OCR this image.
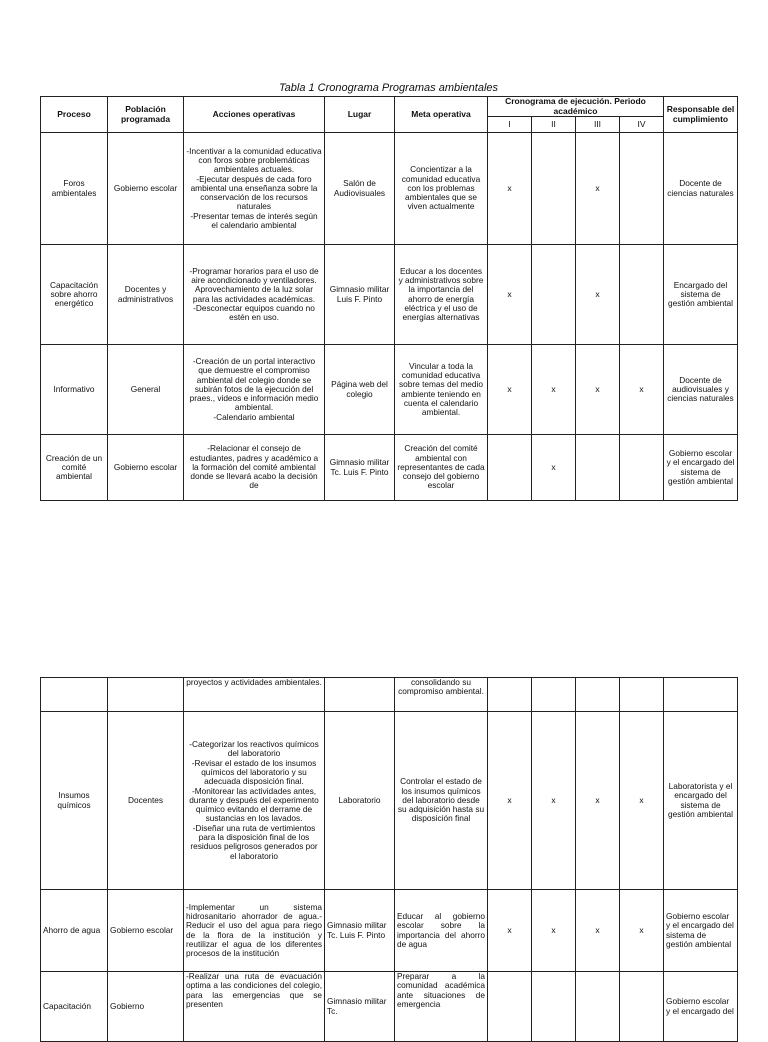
Tabla 1 Cronograma Programas ambientales
Proceso	Población programada	Acciones operativas	Lugar	Meta operativa	Cronograma de ejecución. Periodo académico				Responsable del cumplimiento
					I	II	III	IV	
Foros ambientales	Gobierno escolar	-Incentivar a la comunidad educativa con foros sobre problemáticas ambientales actuales.
-Ejecutar después de cada foro ambiental una enseñanza sobre la conservación de los recursos naturales
-Presentar temas de interés según el calendario ambiental	Salón de Audiovisuales	Concientizar a la comunidad educativa con los problemas ambientales que se viven actualmente	x		x		Docente de ciencias naturales
Capacitación sobre ahorro energético	Docentes y administrativos	-Programar horarios para el uso de aire acondicionado y ventiladores.
Aprovechamiento de la luz solar para las actividades académicas.
-Desconectar equipos cuando no estén en uso.	Gimnasio militar Luis F. Pinto	Educar a los docentes y administrativos sobre la importancia del ahorro de energía eléctrica y el uso de energías alternativas	x		x		Encargado del sistema de gestión ambiental
Informativo	General	-Creación de un portal interactivo que demuestre el compromiso ambiental del colegio donde se subirán fotos de la ejecución del praes., videos e información medio ambiental.
-Calendario ambiental	Página web del colegio	Vincular a toda la comunidad educativa sobre temas del medio ambiente teniendo en cuenta el calendario ambiental.	x	x	x	x	Docente de audiovisuales y ciencias naturales
Creación de un comité ambiental	Gobierno escolar	-Relacionar el consejo de estudiantes, padres y académico a la formación del comité ambiental donde se llevará acabo la decisión de	Gimnasio militar Tc. Luis F. Pinto	Creación del comité ambiental con representantes de cada consejo del gobierno escolar		x			Gobierno escolar y el encargado del sistema de gestión ambiental
		proyectos y actividades ambientales.		consolidando su compromiso ambiental.					
Insumos químicos	Docentes	-Categorizar los reactivos químicos del laboratorio
-Revisar el estado de los insumos químicos del laboratorio y su adecuada disposición final.
-Monitorear las actividades antes, durante y después del experimento químico evitando el derrame de sustancias en los lavados.
-Diseñar una ruta de vertimientos para la disposición final de los residuos peligrosos generados por el laboratorio	Laboratorio	Controlar el estado de los insumos químicos del laboratorio desde su adquisición hasta su disposición final	x	x	x	x	Laboratorista y el encargado del sistema de gestión ambiental
Ahorro de agua	Gobierno escolar	-Implementar un sistema hidrosanitario ahorrador de agua.-Reducir el uso del agua para riego de la flora de la institución y reutilizar el agua de los diferentes procesos de la institución	Gimnasio militar Tc. Luis F. Pinto	Educar al gobierno escolar sobre la importancia del ahorro de agua	x	x	x	x	Gobierno escolar y el encargado del sistema de gestión ambiental
Capacitación	Gobierno	-Realizar una ruta de evacuación optima a las condiciones del colegio, para las emergencias que se presenten	Gimnasio militar Tc.	Preparar a la comunidad académica ante situaciones de emergencia					Gobierno escolar y el encargado del
